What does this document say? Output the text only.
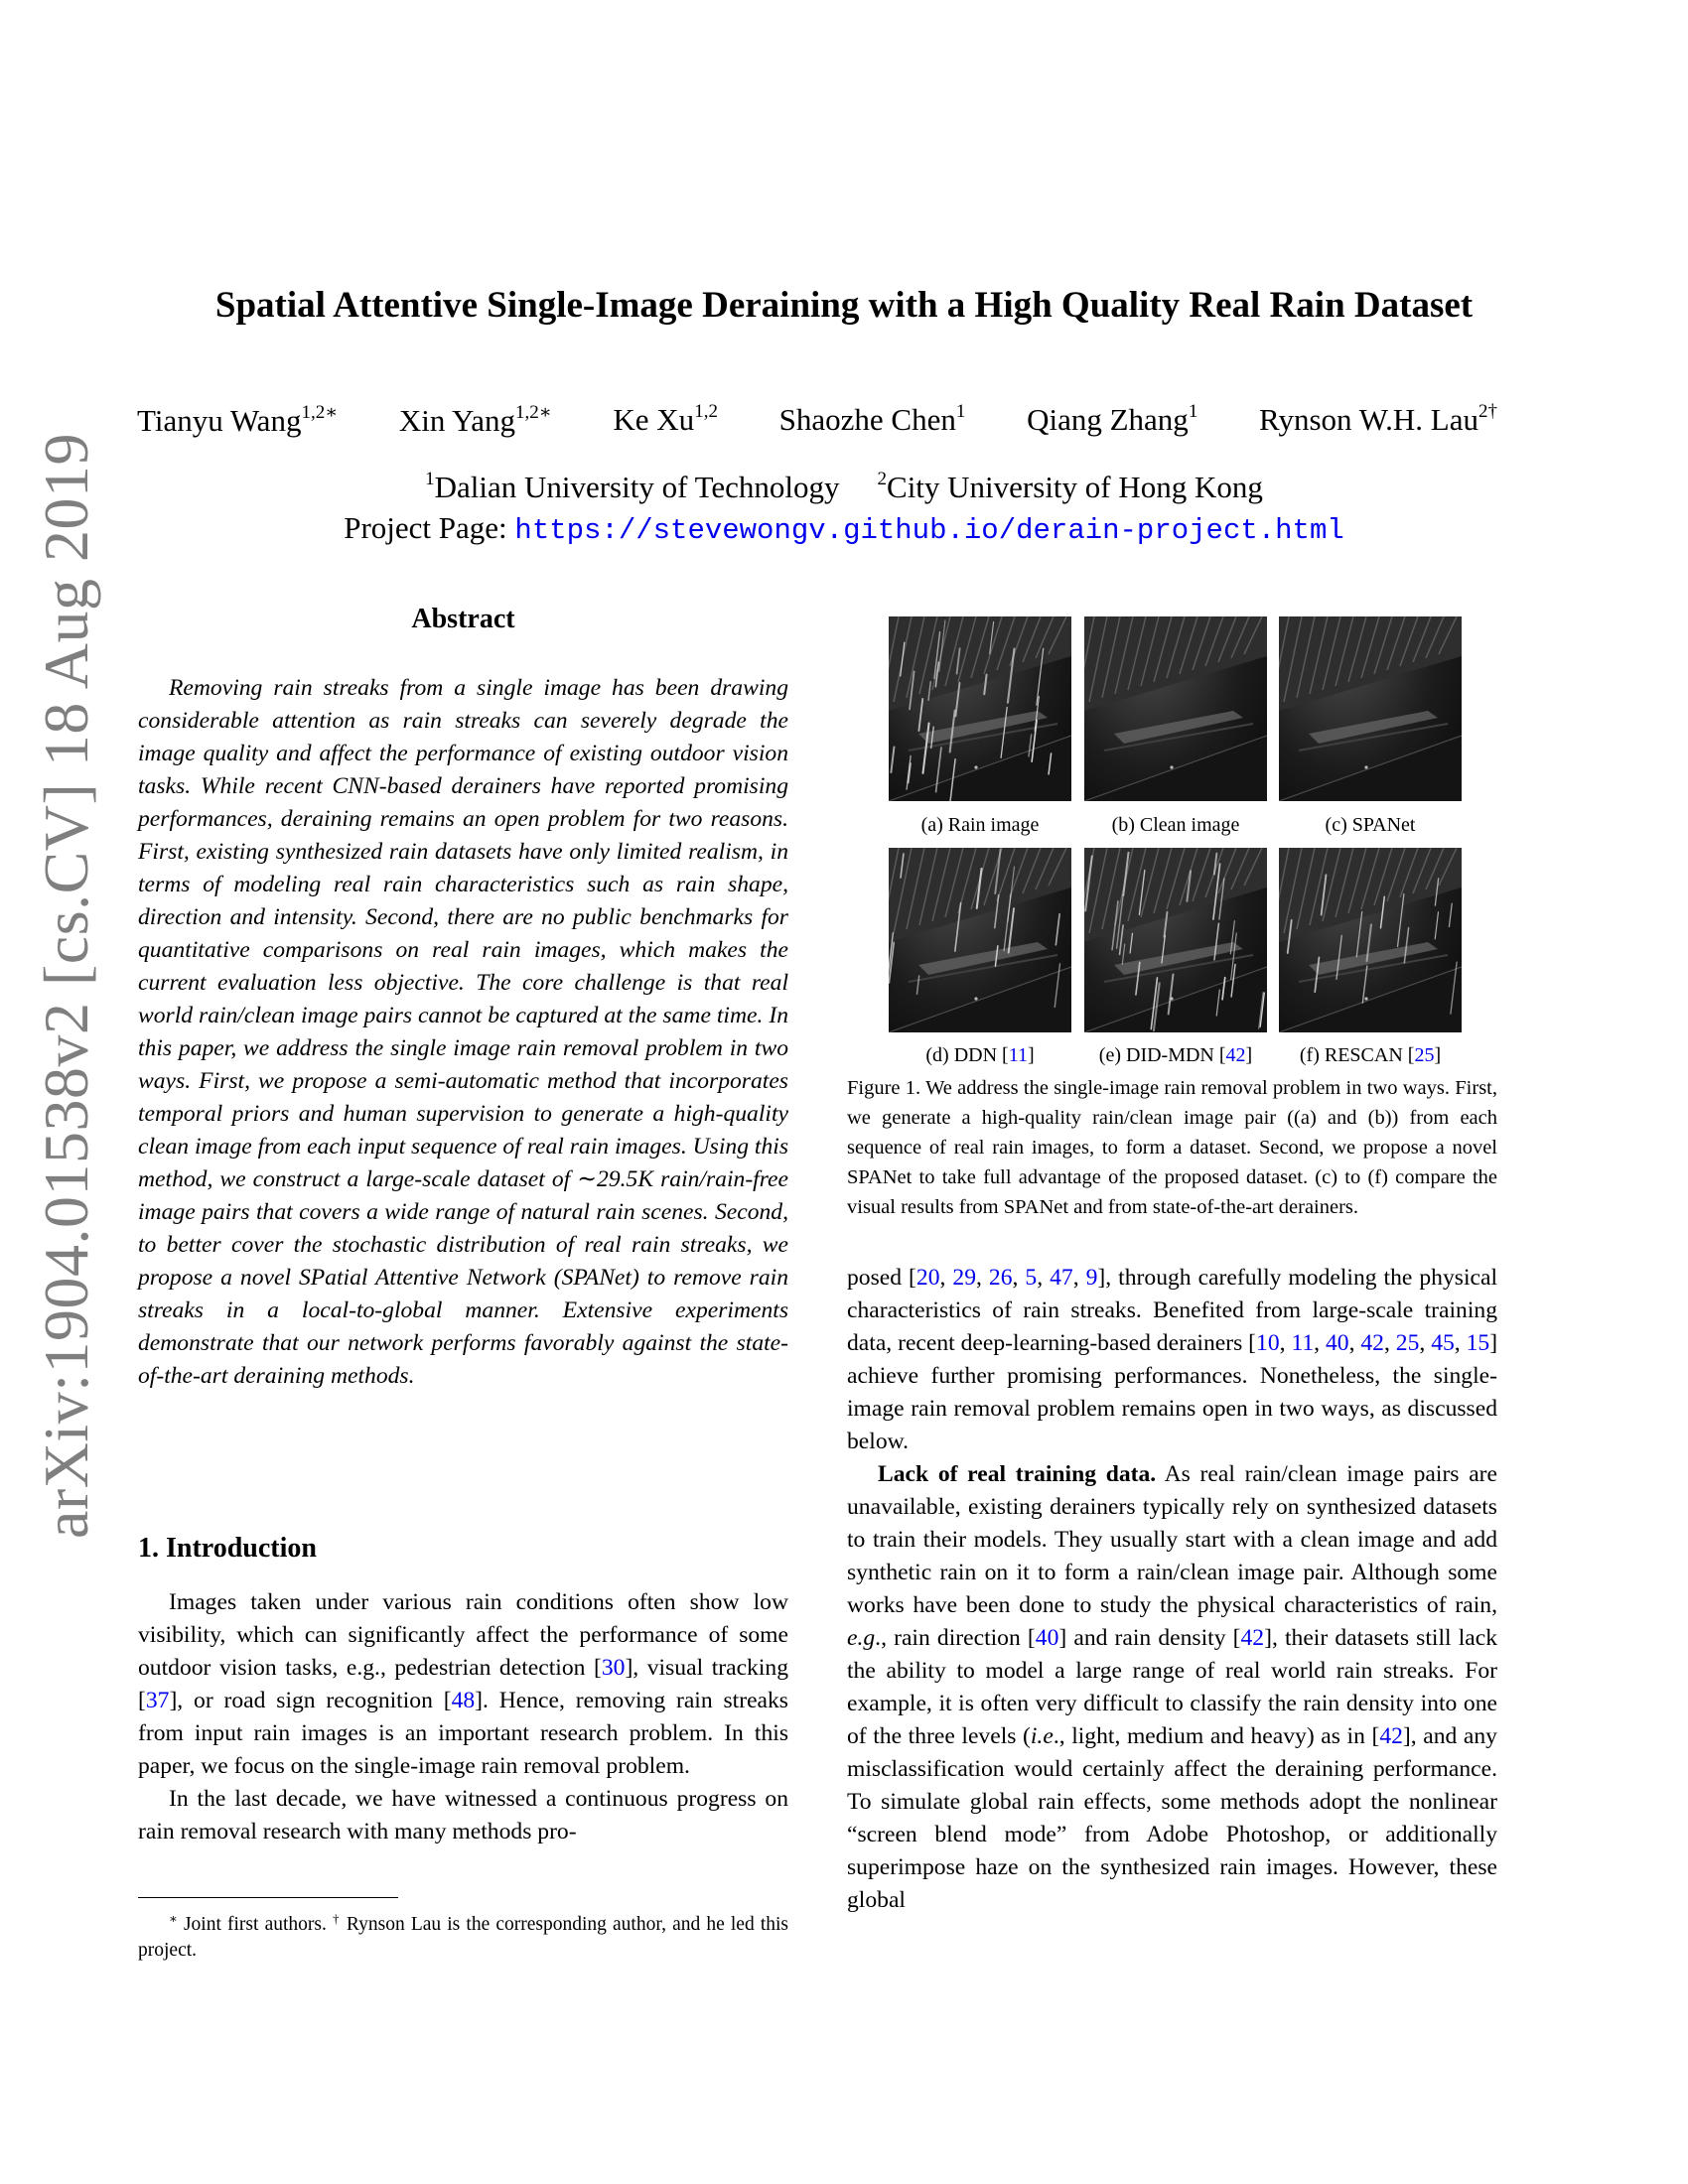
arXiv:1904.01538v2 [cs.CV] 18 Aug 2019
Spatial Attentive Single-Image Deraining with a High Quality Real Rain Dataset
Tianyu Wang$^{1,2∗}$ Xin Yang$^{1,2∗}$ Ke Xu$^{1,2}$ Shaozhe Chen$^1$ Qiang Zhang$^1$ Rynson W.H. Lau$^{2\dagger}$
$^1$Dalian University of Technology $^2$City University of Hong Kong
Project Page: https://stevewongv.github.io/derain-project.html
Abstract
Removing rain streaks from a single image has been drawing considerable attention as rain streaks can severely degrade the image quality and affect the performance of existing outdoor vision tasks. While recent CNN-based derainers have reported promising performances, deraining remains an open problem for two reasons. First, existing synthesized rain datasets have only limited realism, in terms of modeling real rain characteristics such as rain shape, direction and intensity. Second, there are no public benchmarks for quantitative comparisons on real rain images, which makes the current evaluation less objective. The core challenge is that real world rain/clean image pairs cannot be captured at the same time. In this paper, we address the single image rain removal problem in two ways. First, we propose a semi-automatic method that incorporates temporal priors and human supervision to generate a high-quality clean image from each input sequence of real rain images. Using this method, we construct a large-scale dataset of ∼29.5K rain/rain-free image pairs that covers a wide range of natural rain scenes. Second, to better cover the stochastic distribution of real rain streaks, we propose a novel SPatial Attentive Network (SPANet) to remove rain streaks in a local-to-global manner. Extensive experiments demonstrate that our network performs favorably against the state-of-the-art deraining methods.
1. Introduction

Images taken under various rain conditions often show low visibility, which can significantly affect the performance of some outdoor vision tasks, e.g., pedestrian detection [30], visual tracking [37], or road sign recognition [48]. Hence, removing rain streaks from input rain images is an important research problem. In this paper, we focus on the single-image rain removal problem.

In the last decade, we have witnessed a continuous progress on rain removal research with many methods pro-

∗ Joint first authors. † Rynson Lau is the corresponding author, and he led this project.
(a) Rain image	(b) Clean image	(c) SPANet
(d) DDN [11]	(e) DID-MDN [42]	(f) RESCAN [25]
Figure 1. We address the single-image rain removal problem in two ways. First, we generate a high-quality rain/clean image pair ((a) and (b)) from each sequence of real rain images, to form a dataset. Second, we propose a novel SPANet to take full advantage of the proposed dataset. (c) to (f) compare the visual results from SPANet and from state-of-the-art derainers.

posed [20, 29, 26, 5, 47, 9], through carefully modeling the physical characteristics of rain streaks. Benefited from large-scale training data, recent deep-learning-based derainers [10, 11, 40, 42, 25, 45, 15] achieve further promising performances. Nonetheless, the single-image rain removal problem remains open in two ways, as discussed below.

Lack of real training data. As real rain/clean image pairs are unavailable, existing derainers typically rely on synthesized datasets to train their models. They usually start with a clean image and add synthetic rain on it to form a rain/clean image pair. Although some works have been done to study the physical characteristics of rain, e.g., rain direction [40] and rain density [42], their datasets still lack the ability to model a large range of real world rain streaks. For example, it is often very difficult to classify the rain density into one of the three levels (i.e., light, medium and heavy) as in [42], and any misclassification would certainly affect the deraining performance. To simulate global rain effects, some methods adopt the nonlinear “screen blend mode” from Adobe Photoshop, or additionally superimpose haze on the synthesized rain images. However, these global
